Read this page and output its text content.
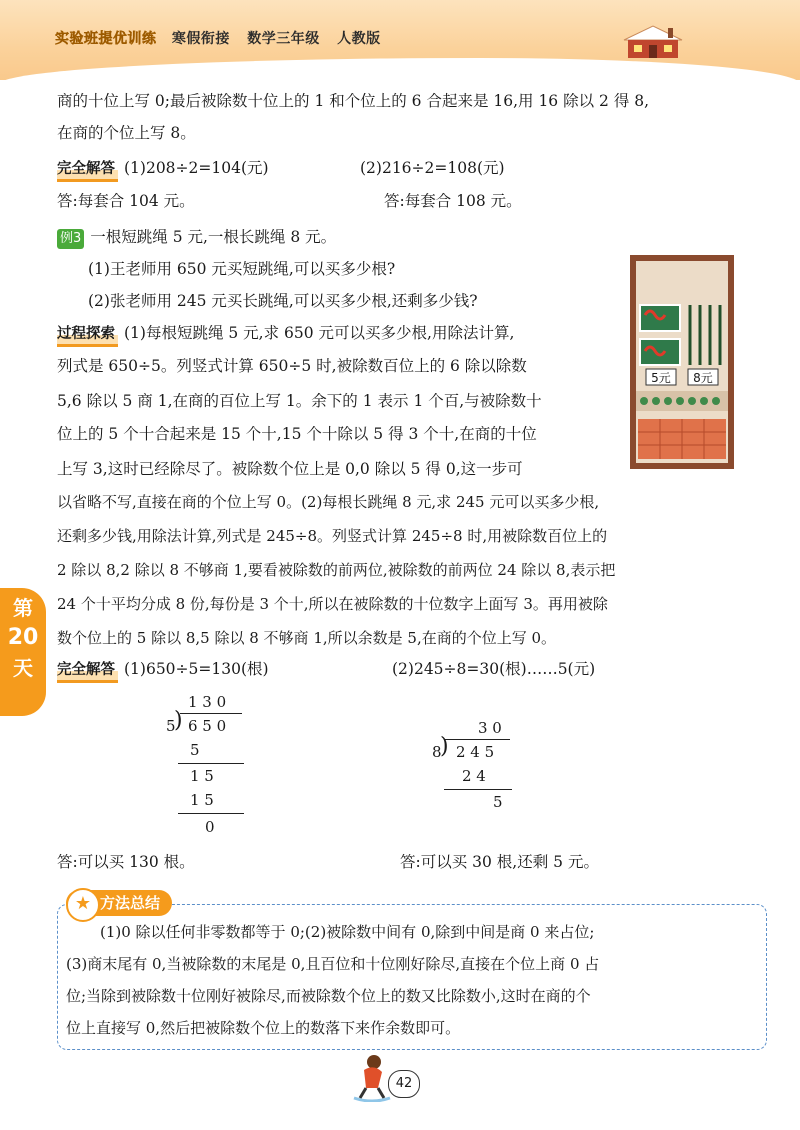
实验班提优训练 寒假衔接 数学三年级 人教版
商的十位上写 0;最后被除数十位上的 1 和个位上的 6 合起来是 16,用 16 除以 2 得 8,
在商的个位上写 8。
完全解答 (1)208÷2=104(元)	(2)216÷2=108(元)
答:每套合 104 元。	答:每套合 108 元。
例3 一根短跳绳 5 元,一根长跳绳 8 元。
(1)王老师用 650 元买短跳绳,可以买多少根?
(2)张老师用 245 元买长跳绳,可以买多少根,还剩多少钱?
过程探索 (1)每根短跳绳 5 元,求 650 元可以买多少根,用除法计算,
列式是 650÷5。列竖式计算 650÷5 时,被除数百位上的 6 除以除数
5,6 除以 5 商 1,在商的百位上写 1。余下的 1 表示 1 个百,与被除数十
位上的 5 个十合起来是 15 个十,15 个十除以 5 得 3 个十,在商的十位
上写 3,这时已经除尽了。被除数个位上是 0,0 除以 5 得 0,这一步可
以省略不写,直接在商的个位上写 0。(2)每根长跳绳 8 元,求 245 元可以买多少根,
还剩多少钱,用除法计算,列式是 245÷8。列竖式计算 245÷8 时,用被除数百位上的
2 除以 8,2 除以 8 不够商 1,要看被除数的前两位,被除数的前两位 24 除以 8,表示把
24 个十平均分成 8 份,每份是 3 个十,所以在被除数的十位数字上面写 3。再用被除
数个位上的 5 除以 8,5 除以 8 不够商 1,所以余数是 5,在商的个位上写 0。
5元 8元
第
20
天	完全解答 (1)650÷5=130(根)	(2)245÷8=30(根)……5(元)
1 3 0
5
) 6 5 0
5
1 5
1 5
0
3 0
8
) 2 4 5
2 4
5
答:可以买 130 根。	答:可以买 30 根,还剩 5 元。
方法总结
★
(1)0 除以任何非零数都等于 0;(2)被除数中间有 0,除到中间是商 0 来占位;
(3)商末尾有 0,当被除数的末尾是 0,且百位和十位刚好除尽,直接在个位上商 0 占
位;当除到被除数十位刚好被除尽,而被除数个位上的数又比除数小,这时在商的个
位上直接写 0,然后把被除数个位上的数落下来作余数即可。
42
